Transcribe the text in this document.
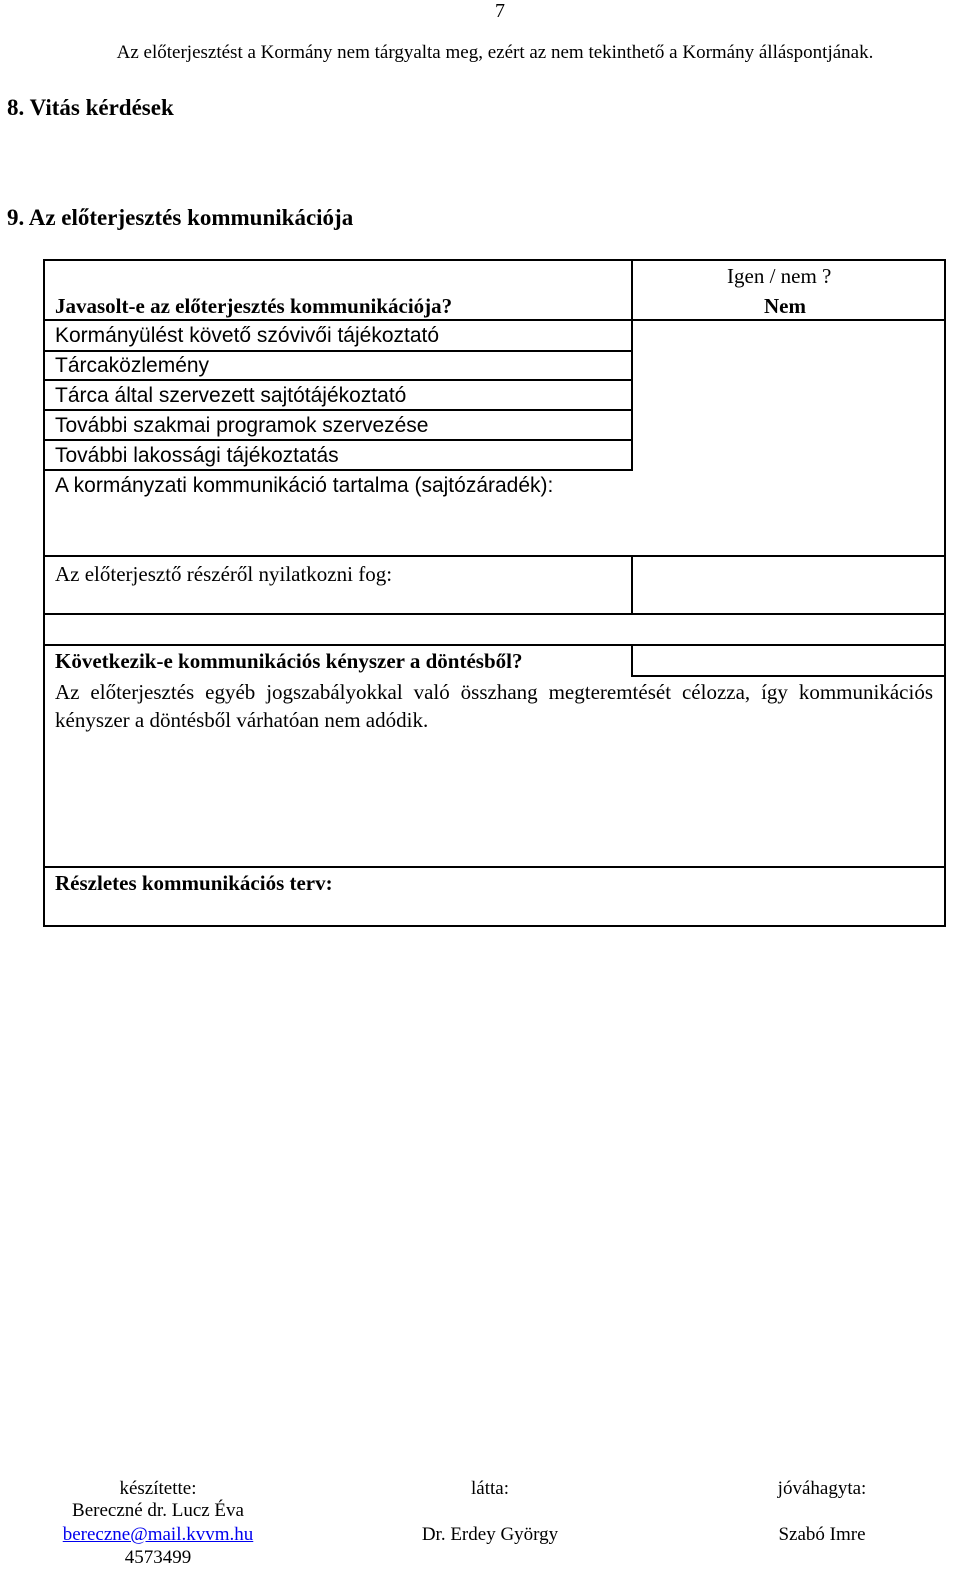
7
Az előterjesztést a Kormány nem tárgyalta meg, ezért az nem tekinthető a Kormány álláspontjának.
8. Vitás kérdések
9. Az előterjesztés kommunikációja
Javasolt-e az előterjesztés kommunikációja?
Igen / nem ?
Nem
Kormányülést követő szóvivői tájékoztató
Tárcaközlemény
Tárca által szervezett sajtótájékoztató
További szakmai programok szervezése
További lakossági tájékoztatás
A kormányzati kommunikáció tartalma (sajtózáradék):
Az előterjesztő részéről nyilatkozni fog:
Következik-e kommunikációs kényszer a döntésből?
Az előterjesztés egyéb jogszabályokkal való összhang megteremtését célozza, így kommunikációs kényszer a döntésből várhatóan nem adódik.
Részletes kommunikációs terv:
készítette:
Bereczné dr. Lucz Éva
bereczne@mail.kvvm.hu
4573499
látta:
Dr. Erdey György
jóváhagyta:
Szabó Imre
